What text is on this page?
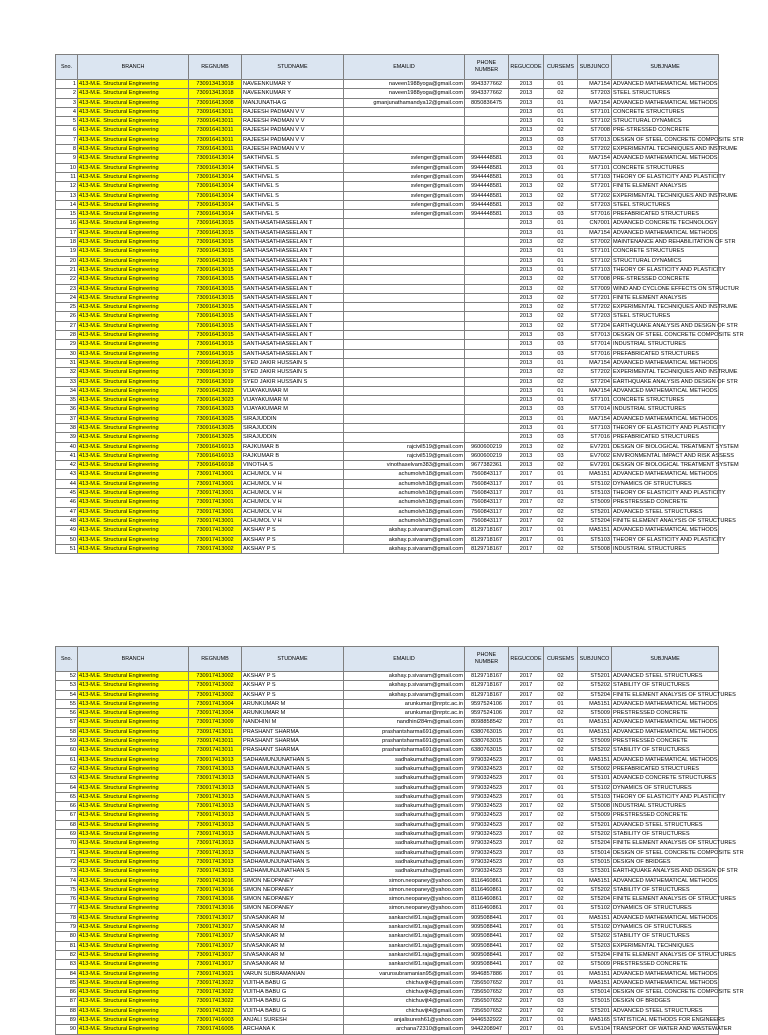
Sno.	BRANCH	REGNUMB	STUDNAME	EMAILID	PHONE NUMBER	REGUCODE	CURSEMS	SUBJUNCO	SUBJNAME
1	413-M.E. Structural Engineering	730913413018	NAVEENKUMAR Y	naveen1988yoga@gmail.com	9943377662	2013	01	MA7154	ADVANCED MATHEMATICAL METHODS
2	413-M.E. Structural Engineering	730913413018	NAVEENKUMAR Y	naveen1988yoga@gmail.com	9943377662	2013	02	ST7203	STEEL STRUCTURES
3	413-M.E. Structural Engineering	730916413008	MANJUNATHA G	gmanjunathamandya12@gmail.com	8050836475	2013	01	MA7154	ADVANCED MATHEMATICAL METHODS
4	413-M.E. Structural Engineering	730916413011	RAJEESH PADMAN V V			2013	01	ST7101	CONCRETE STRUCTURES
5	413-M.E. Structural Engineering	730916413011	RAJEESH PADMAN V V			2013	01	ST7102	STRUCTURAL DYNAMICS
6	413-M.E. Structural Engineering	730916413011	RAJEESH PADMAN V V			2013	02	ST7008	PRE-STRESSED CONCRETE
7	413-M.E. Structural Engineering	730916413011	RAJEESH PADMAN V V			2013	03	ST7013	DESIGN OF STEEL CONCRETE COMPOSITE STR
8	413-M.E. Structural Engineering	730916413011	RAJEESH PADMAN V V			2013	02	ST7202	EXPERIMENTAL TECHNIQUES AND INSTRUME
9	413-M.E. Structural Engineering	730916413014	SAKTHIVEL S	svlenger@gmail.com	9944448581	2013	01	MA7154	ADVANCED MATHEMATICAL METHODS
10	413-M.E. Structural Engineering	730916413014	SAKTHIVEL S	svlenger@gmail.com	9944448581	2013	01	ST7101	CONCRETE STRUCTURES
11	413-M.E. Structural Engineering	730916413014	SAKTHIVEL S	svlenger@gmail.com	9944448581	2013	01	ST7103	THEORY OF ELASTICITY AND PLASTICITY
12	413-M.E. Structural Engineering	730916413014	SAKTHIVEL S	svlenger@gmail.com	9944448581	2013	02	ST7201	FINITE ELEMENT ANALYSIS
13	413-M.E. Structural Engineering	730916413014	SAKTHIVEL S	svlenger@gmail.com	9944448581	2013	02	ST7202	EXPERIMENTAL TECHNIQUES AND INSTRUME
14	413-M.E. Structural Engineering	730916413014	SAKTHIVEL S	svlenger@gmail.com	9944448581	2013	02	ST7203	STEEL STRUCTURES
15	413-M.E. Structural Engineering	730916413014	SAKTHIVEL S	svlenger@gmail.com	9944448581	2013	03	ST7016	PREFABRICATED STRUCTURES
16	413-M.E. Structural Engineering	730916413015	SANTHASATHIASEELAN T			2013	01	CN7001	ADVANCED CONCRETE TECHNOLOGY
17	413-M.E. Structural Engineering	730916413015	SANTHASATHIASEELAN T			2013	01	MA7154	ADVANCED MATHEMATICAL METHODS
18	413-M.E. Structural Engineering	730916413015	SANTHASATHIASEELAN T			2013	02	ST7002	MAINTENANCE AND REHABILITATION OF STR
19	413-M.E. Structural Engineering	730916413015	SANTHASATHIASEELAN T			2013	01	ST7101	CONCRETE STRUCTURES
20	413-M.E. Structural Engineering	730916413015	SANTHASATHIASEELAN T			2013	01	ST7102	STRUCTURAL DYNAMICS
21	413-M.E. Structural Engineering	730916413015	SANTHASATHIASEELAN T			2013	01	ST7103	THEORY OF ELASTICITY AND PLASTICITY
22	413-M.E. Structural Engineering	730916413015	SANTHASATHIASEELAN T			2013	02	ST7008	PRE-STRESSED CONCRETE
23	413-M.E. Structural Engineering	730916413015	SANTHASATHIASEELAN T			2013	02	ST7009	WIND AND CYCLONE EFFECTS ON STRUCTUR
24	413-M.E. Structural Engineering	730916413015	SANTHASATHIASEELAN T			2013	02	ST7201	FINITE ELEMENT ANALYSIS
25	413-M.E. Structural Engineering	730916413015	SANTHASATHIASEELAN T			2013	02	ST7202	EXPERIMENTAL TECHNIQUES AND INSTRUME
26	413-M.E. Structural Engineering	730916413015	SANTHASATHIASEELAN T			2013	02	ST7203	STEEL STRUCTURES
27	413-M.E. Structural Engineering	730916413015	SANTHASATHIASEELAN T			2013	02	ST7204	EARTHQUAKE ANALYSIS AND DESIGN OF STR
28	413-M.E. Structural Engineering	730916413015	SANTHASATHIASEELAN T			2013	03	ST7013	DESIGN OF STEEL CONCRETE COMPOSITE STR
29	413-M.E. Structural Engineering	730916413015	SANTHASATHIASEELAN T			2013	03	ST7014	INDUSTRIAL STRUCTURES
30	413-M.E. Structural Engineering	730916413015	SANTHASATHIASEELAN T			2013	03	ST7016	PREFABRICATED STRUCTURES
31	413-M.E. Structural Engineering	730916413019	SYED JAKIR HUSSAIN S			2013	01	MA7154	ADVANCED MATHEMATICAL METHODS
32	413-M.E. Structural Engineering	730916413019	SYED JAKIR HUSSAIN S			2013	02	ST7202	EXPERIMENTAL TECHNIQUES AND INSTRUME
33	413-M.E. Structural Engineering	730916413019	SYED JAKIR HUSSAIN S			2013	02	ST7204	EARTHQUAKE ANALYSIS AND DESIGN OF STR
34	413-M.E. Structural Engineering	730916413023	VIJAYAKUMAR M			2013	01	MA7154	ADVANCED MATHEMATICAL METHODS
35	413-M.E. Structural Engineering	730916413023	VIJAYAKUMAR M			2013	01	ST7101	CONCRETE STRUCTURES
36	413-M.E. Structural Engineering	730916413023	VIJAYAKUMAR M			2013	03	ST7014	INDUSTRIAL STRUCTURES
37	413-M.E. Structural Engineering	730916413025	SIRAJUDDIN			2013	01	MA7154	ADVANCED MATHEMATICAL METHODS
38	413-M.E. Structural Engineering	730916413025	SIRAJUDDIN			2013	01	ST7103	THEORY OF ELASTICITY AND PLASTICITY
39	413-M.E. Structural Engineering	730916413025	SIRAJUDDIN			2013	03	ST7016	PREFABRICATED STRUCTURES
40	413-M.E. Structural Engineering	730916416013	RAJKUMAR B	rajcivil519@gmail.com	9600600219	2013	02	EV7201	DESIGN OF BIOLOGICAL TREATMENT SYSTEM
41	413-M.E. Structural Engineering	730916416013	RAJKUMAR B	rajcivil519@gmail.com	9600600219	2013	03	EV7002	ENVIRONMENTAL IMPACT AND RISK ASSESS
42	413-M.E. Structural Engineering	730916416018	VINOTHA S	vinothaselvam383@gmail.com	9677382361	2013	02	EV7201	DESIGN OF BIOLOGICAL TREATMENT SYSTEM
43	413-M.E. Structural Engineering	730917413001	ACHUMOL V H	achumolvh18@gmail.com	7560843117	2017	01	MA5151	ADVANCED MATHEMATICAL METHODS
44	413-M.E. Structural Engineering	730917413001	ACHUMOL V H	achumolvh18@gmail.com	7560843117	2017	01	ST5102	DYNAMICS OF STRUCTURES
45	413-M.E. Structural Engineering	730917413001	ACHUMOL V H	achumolvh18@gmail.com	7560843117	2017	01	ST5103	THEORY OF ELASTICITY AND PLASTICITY
46	413-M.E. Structural Engineering	730917413001	ACHUMOL V H	achumolvh18@gmail.com	7560843117	2017	02	ST5009	PRESTRESSED CONCRETE
47	413-M.E. Structural Engineering	730917413001	ACHUMOL V H	achumolvh18@gmail.com	7560843117	2017	02	ST5201	ADVANCED STEEL STRUCTURES
48	413-M.E. Structural Engineering	730917413001	ACHUMOL V H	achumolvh18@gmail.com	7560843117	2017	02	ST5204	FINITE ELEMENT ANALYSIS OF STRUCTURES
49	413-M.E. Structural Engineering	730917413002	AKSHAY P S	akshay.p.sivaram@gmail.com	8129718167	2017	01	MA5151	ADVANCED MATHEMATICAL METHODS
50	413-M.E. Structural Engineering	730917413002	AKSHAY P S	akshay.p.sivaram@gmail.com	8129718167	2017	01	ST5103	THEORY OF ELASTICITY AND PLASTICITY
51	413-M.E. Structural Engineering	730917413002	AKSHAY P S	akshay.p.sivaram@gmail.com	8129718167	2017	02	ST5008	INDUSTRIAL STRUCTURES
Sno.	BRANCH	REGNUMB	STUDNAME	EMAILID	PHONE NUMBER	REGUCODE	CURSEMS	SUBJUNCO	SUBJNAME
52	413-M.E. Structural Engineering	730917413002	AKSHAY P S	akshay.p.sivaram@gmail.com	8129718167	2017	02	ST5201	ADVANCED STEEL STRUCTURES
53	413-M.E. Structural Engineering	730917413002	AKSHAY P S	akshay.p.sivaram@gmail.com	8129718167	2017	02	ST5202	STABILITY OF STRUCTURES
54	413-M.E. Structural Engineering	730917413002	AKSHAY P S	akshay.p.sivaram@gmail.com	8129718167	2017	02	ST5204	FINITE ELEMENT ANALYSIS OF STRUCTURES
55	413-M.E. Structural Engineering	730917413004	ARUNKUMAR M	arunkumar@nrptc.ac.in	9597524106	2017	01	MA5151	ADVANCED MATHEMATICAL METHODS
56	413-M.E. Structural Engineering	730917413004	ARUNKUMAR M	arunkumar@nrptc.ac.in	9597524106	2017	02	ST5009	PRESTRESSED CONCRETE
57	413-M.E. Structural Engineering	730917413009	NANDHINI M	nandhini284m@gmail.com	8098858542	2017	01	MA5151	ADVANCED MATHEMATICAL METHODS
58	413-M.E. Structural Engineering	730917413011	PRASHANT SHARMA	prashantsharma691@gmail.com	6380763015	2017	01	MA5151	ADVANCED MATHEMATICAL METHODS
59	413-M.E. Structural Engineering	730917413011	PRASHANT SHARMA	prashantsharma691@gmail.com	6380763015	2017	02	ST5009	PRESTRESSED CONCRETE
60	413-M.E. Structural Engineering	730917413011	PRASHANT SHARMA	prashantsharma691@gmail.com	6380763015	2017	02	ST5202	STABILITY OF STRUCTURES
61	413-M.E. Structural Engineering	730917413013	SADHAMUNJUNATHAN S	sadhakumutha@gmail.com	9790324523	2017	01	MA5151	ADVANCED MATHEMATICAL METHODS
62	413-M.E. Structural Engineering	730917413013	SADHAMUNJUNATHAN S	sadhakumutha@gmail.com	9790324523	2017	02	ST5002	PREFABRICATED STRUCTURES
63	413-M.E. Structural Engineering	730917413013	SADHAMUNJUNATHAN S	sadhakumutha@gmail.com	9790324523	2017	01	ST5101	ADVANCED CONCRETE STRUCTURES
64	413-M.E. Structural Engineering	730917413013	SADHAMUNJUNATHAN S	sadhakumutha@gmail.com	9790324523	2017	01	ST5102	DYNAMICS OF STRUCTURES
65	413-M.E. Structural Engineering	730917413013	SADHAMUNJUNATHAN S	sadhakumutha@gmail.com	9790324523	2017	01	ST5103	THEORY OF ELASTICITY AND PLASTICITY
66	413-M.E. Structural Engineering	730917413013	SADHAMUNJUNATHAN S	sadhakumutha@gmail.com	9790324523	2017	02	ST5008	INDUSTRIAL STRUCTURES
67	413-M.E. Structural Engineering	730917413013	SADHAMUNJUNATHAN S	sadhakumutha@gmail.com	9790324523	2017	02	ST5009	PRESTRESSED CONCRETE
68	413-M.E. Structural Engineering	730917413013	SADHAMUNJUNATHAN S	sadhakumutha@gmail.com	9790324523	2017	02	ST5201	ADVANCED STEEL STRUCTURES
69	413-M.E. Structural Engineering	730917413013	SADHAMUNJUNATHAN S	sadhakumutha@gmail.com	9790324523	2017	02	ST5202	STABILITY OF STRUCTURES
70	413-M.E. Structural Engineering	730917413013	SADHAMUNJUNATHAN S	sadhakumutha@gmail.com	9790324523	2017	02	ST5204	FINITE ELEMENT ANALYSIS OF STRUCTURES
71	413-M.E. Structural Engineering	730917413013	SADHAMUNJUNATHAN S	sadhakumutha@gmail.com	9790324523	2017	03	ST5014	DESIGN OF STEEL CONCRETE COMPOSITE STR
72	413-M.E. Structural Engineering	730917413013	SADHAMUNJUNATHAN S	sadhakumutha@gmail.com	9790324523	2017	03	ST5015	DESIGN OF BRIDGES
73	413-M.E. Structural Engineering	730917413013	SADHAMUNJUNATHAN S	sadhakumutha@gmail.com	9790324523	2017	03	ST5301	EARTHQUAKE ANALYSIS AND DESIGN OF STR
74	413-M.E. Structural Engineering	730917413016	SIMON NEOPANEY	simon.neopaney@yahoo.com	8116460861	2017	01	MA5151	ADVANCED MATHEMATICAL METHODS
75	413-M.E. Structural Engineering	730917413016	SIMON NEOPANEY	simon.neopaney@yahoo.com	8116460861	2017	02	ST5202	STABILITY OF STRUCTURES
76	413-M.E. Structural Engineering	730917413016	SIMON NEOPANEY	simon.neopaney@yahoo.com	8116460861	2017	02	ST5204	FINITE ELEMENT ANALYSIS OF STRUCTURES
77	413-M.E. Structural Engineering	730917413016	SIMON NEOPANEY	simon.neopaney@yahoo.com	8116460861	2017	01	ST5102	DYNAMICS OF STRUCTURES
78	413-M.E. Structural Engineering	730917413017	SIVASANKAR M	sankarcivil91.raja@gmail.com	9095088441	2017	01	MA5151	ADVANCED MATHEMATICAL METHODS
79	413-M.E. Structural Engineering	730917413017	SIVASANKAR M	sankarcivil91.raja@gmail.com	9095088441	2017	01	ST5102	DYNAMICS OF STRUCTURES
80	413-M.E. Structural Engineering	730917413017	SIVASANKAR M	sankarcivil91.raja@gmail.com	9095088441	2017	02	ST5202	STABILITY OF STRUCTURES
81	413-M.E. Structural Engineering	730917413017	SIVASANKAR M	sankarcivil91.raja@gmail.com	9095088441	2017	02	ST5203	EXPERIMENTAL TECHNIQUES
82	413-M.E. Structural Engineering	730917413017	SIVASANKAR M	sankarcivil91.raja@gmail.com	9095088441	2017	02	ST5204	FINITE ELEMENT ANALYSIS OF STRUCTURES
83	413-M.E. Structural Engineering	730917413017	SIVASANKAR M	sankarcivil91.raja@gmail.com	9095088441	2017	02	ST5009	PRESTRESSED CONCRETE
84	413-M.E. Structural Engineering	730917413021	VARUN SUBRAMANIAN	varunsubramanian95@gmail.com	9946857886	2017	01	MA5151	ADVANCED MATHEMATICAL METHODS
85	413-M.E. Structural Engineering	730917413022	VIJITHA BABU G	chichuvijt4@gmail.com	7356507652	2017	01	MA5151	ADVANCED MATHEMATICAL METHODS
86	413-M.E. Structural Engineering	730917413022	VIJITHA BABU G	chichuvijt4@gmail.com	7356507652	2017	03	ST5014	DESIGN OF STEEL CONCRETE COMPOSITE STR
87	413-M.E. Structural Engineering	730917413022	VIJITHA BABU G	chichuvijt4@gmail.com	7356507652	2017	03	ST5015	DESIGN OF BRIDGES
88	413-M.E. Structural Engineering	730917413022	VIJITHA BABU G	chichuvijt4@gmail.com	7356507652	2017	02	ST5201	ADVANCED STEEL STRUCTURES
89	413-M.E. Structural Engineering	730917416003	ANJALI SURESH	anjalisuresh61@yahoo.com	9446532922	2017	01	MA5165	STATISTICAL METHODS FOR ENGINEERS
90	413-M.E. Structural Engineering	730917416005	ARCHANA K	archana72310@gmail.com	9442208947	2017	01	EV5104	TRANSPORT OF WATER AND WASTEWATER
